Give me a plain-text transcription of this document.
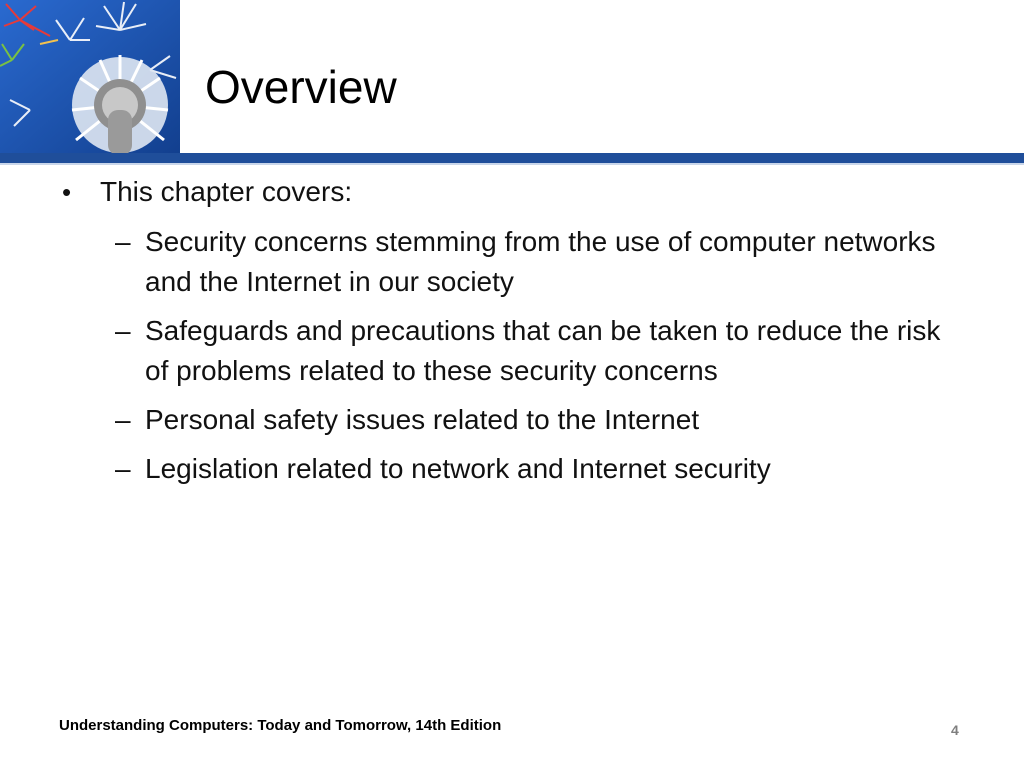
Overview
• This chapter covers:
– Security concerns stemming from the use of computer networks and the Internet in our society
– Safeguards and precautions that can be taken to reduce the risk of problems related to these security concerns
– Personal safety issues related to the Internet
– Legislation related to network and Internet security
Understanding Computers: Today and Tomorrow, 14th Edition	4
